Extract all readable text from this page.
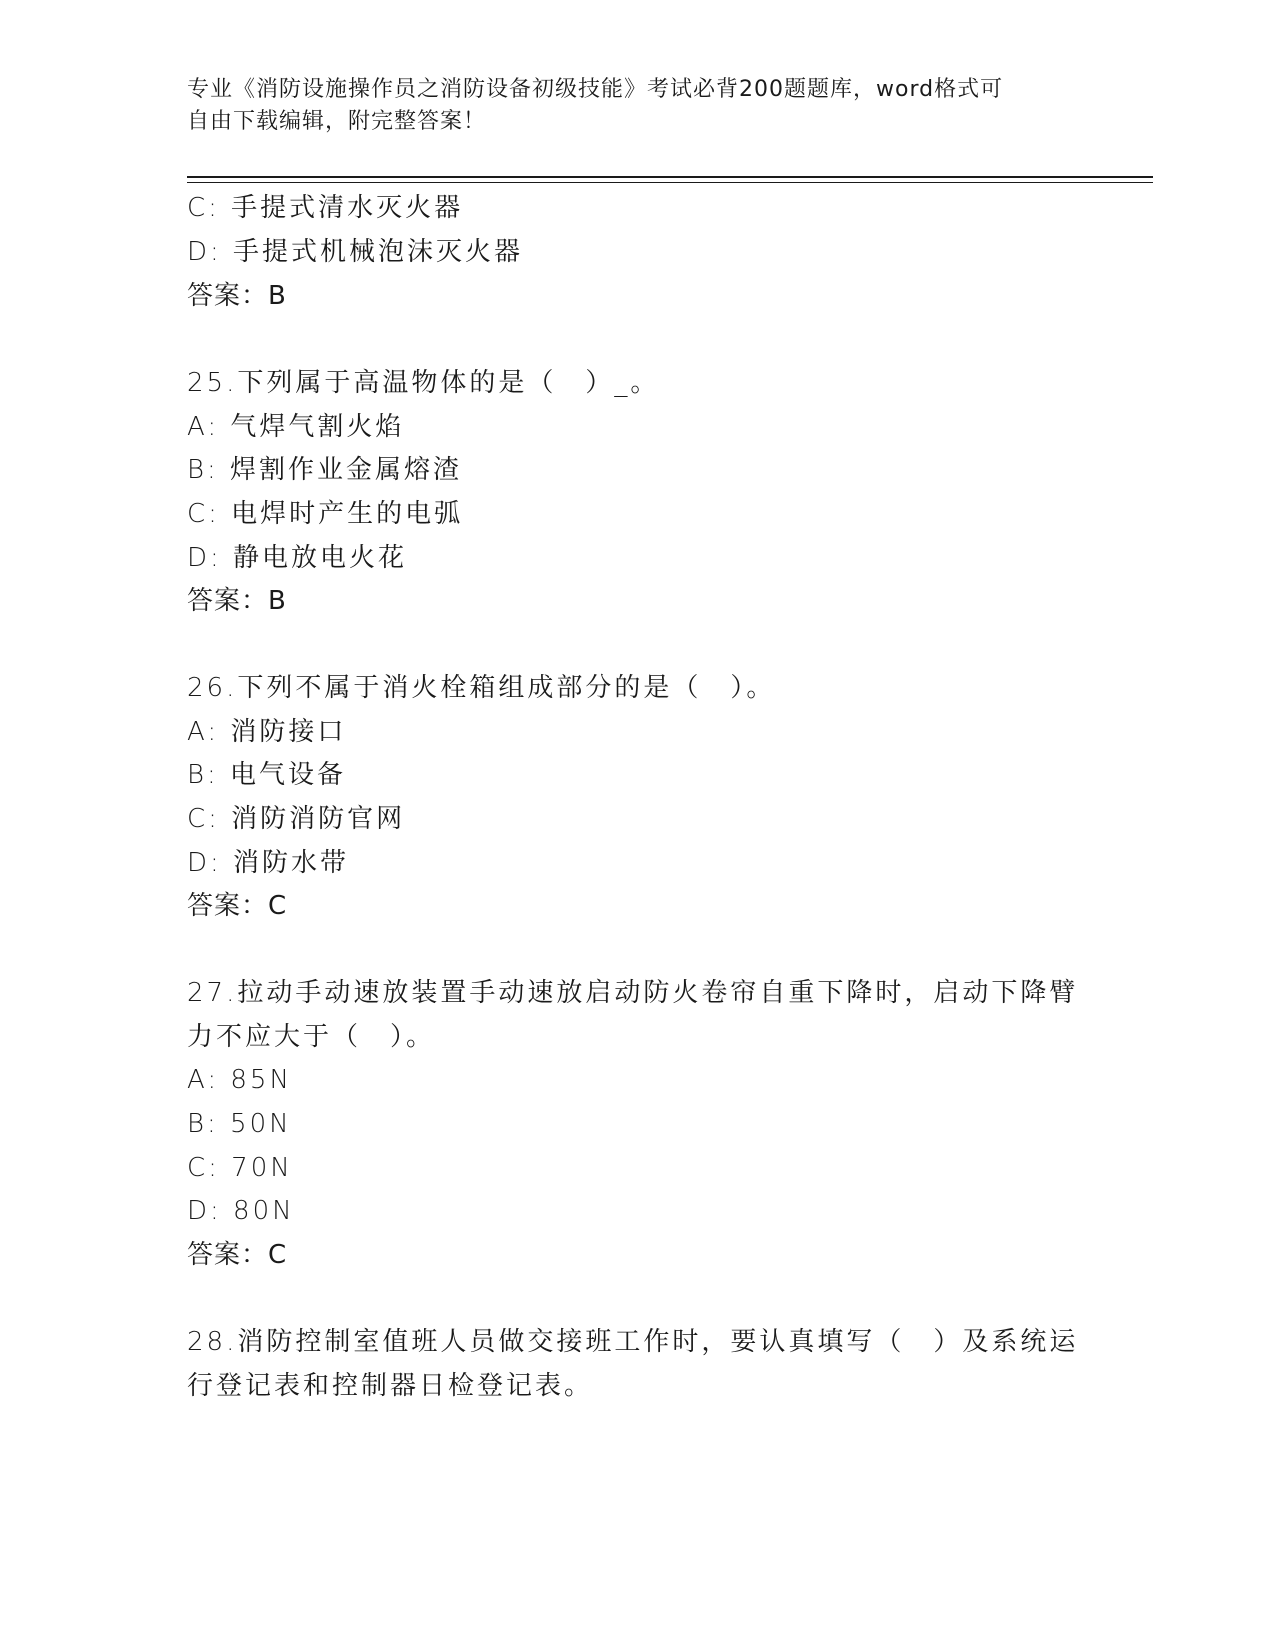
专业《消防设施操作员之消防设备初级技能》考试必背200题题库，word格式可
自由下载编辑，附完整答案！
C: 手提式清水灭火器
D: 手提式机械泡沫灭火器
答案：B
25.下列属于高温物体的是（　）_。
A: 气焊气割火焰
B: 焊割作业金属熔渣
C: 电焊时产生的电弧
D: 静电放电火花
答案：B
26.下列不属于消火栓箱组成部分的是（　）。
A: 消防接口
B: 电气设备
C: 消防消防官网
D: 消防水带
答案：C
27.拉动手动速放装置手动速放启动防火卷帘自重下降时，启动下降臂
力不应大于（　）。
A: 85N
B: 50N
C: 70N
D: 80N
答案：C
28.消防控制室值班人员做交接班工作时，要认真填写（　）及系统运
行登记表和控制器日检登记表。
